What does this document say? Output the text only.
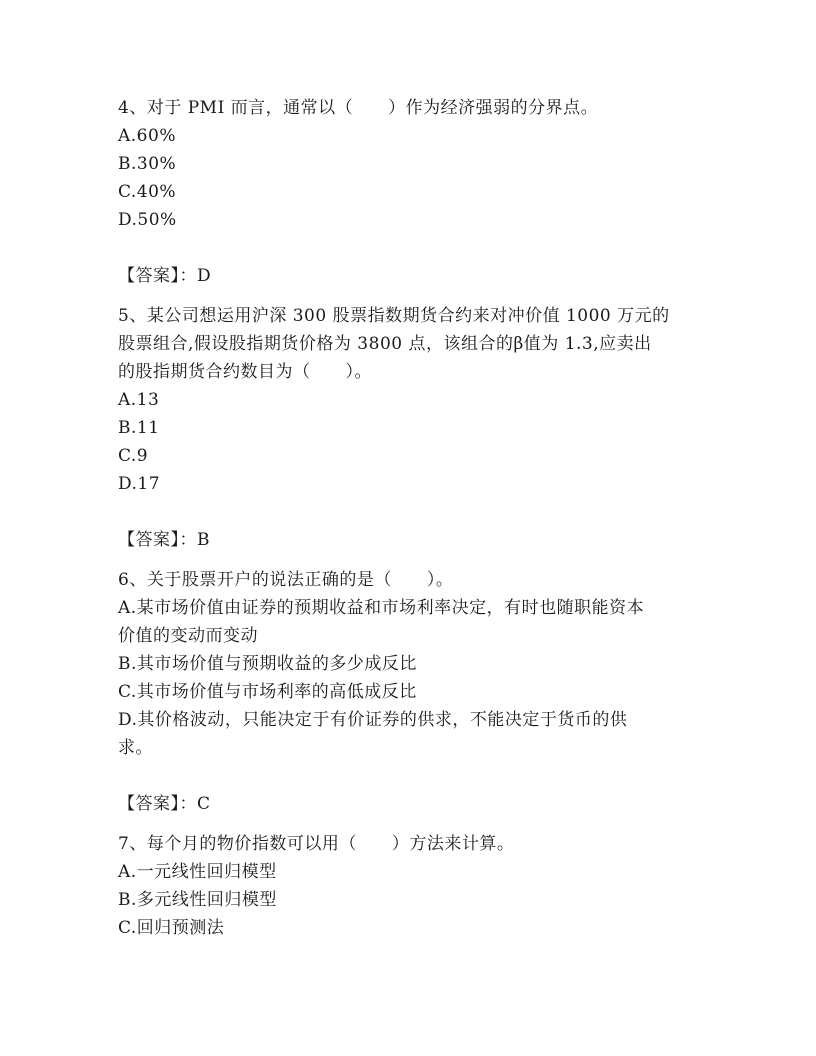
4、对于 PMI 而言，通常以（　　）作为经济强弱的分界点。

A.60%

B.30%

C.40%

D.50%

【答案】：D

5、某公司想运用沪深 300 股票指数期货合约来对冲价值 1000 万元的

股票组合,假设股指期货价格为 3800 点，该组合的β值为 1.3,应卖出

的股指期货合约数目为（　　）。

A.13

B.11

C.9

D.17

【答案】：B

6、关于股票开户的说法正确的是（　　）。

A.某市场价值由证券的预期收益和市场利率决定，有时也随职能资本

价值的变动而变动

B.其市场价值与预期收益的多少成反比

C.其市场价值与市场利率的高低成反比

D.其价格波动，只能决定于有价证券的供求，不能决定于货币的供

求。

【答案】：C

7、每个月的物价指数可以用（　　）方法来计算。

A.一元线性回归模型

B.多元线性回归模型

C.回归预测法
